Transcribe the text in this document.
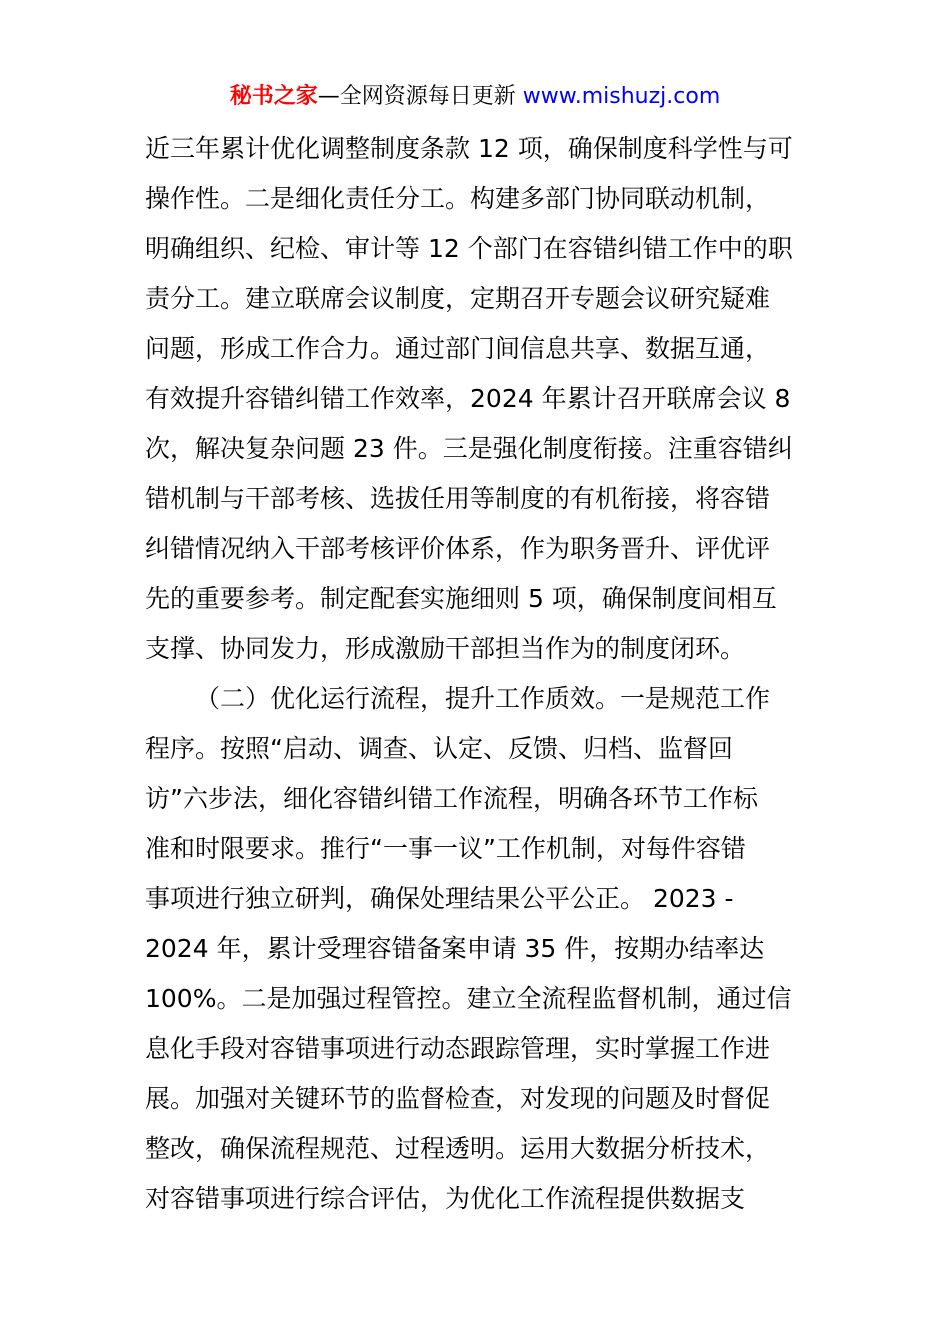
秘书之家—全网资源每日更新 www.mishuzj.com
近三年累计优化调整制度条款 12 项，确保制度科学性与可
操作性。二是细化责任分工。构建多部门协同联动机制，
明确组织、纪检、审计等 12 个部门在容错纠错工作中的职
责分工。建立联席会议制度，定期召开专题会议研究疑难
问题，形成工作合力。通过部门间信息共享、数据互通，
有效提升容错纠错工作效率，2024 年累计召开联席会议 8
次，解决复杂问题 23 件。三是强化制度衔接。注重容错纠
错机制与干部考核、选拔任用等制度的有机衔接，将容错
纠错情况纳入干部考核评价体系，作为职务晋升、评优评
先的重要参考。制定配套实施细则 5 项，确保制度间相互
支撑、协同发力，形成激励干部担当作为的制度闭环。
（二）优化运行流程，提升工作质效。一是规范工作
程序。按照“启动、调查、认定、反馈、归档、监督回
访”六步法，细化容错纠错工作流程，明确各环节工作标
准和时限要求。推行“一事一议”工作机制，对每件容错
事项进行独立研判，确保处理结果公平公正。 2023 -
2024 年，累计受理容错备案申请 35 件，按期办结率达
100%。二是加强过程管控。建立全流程监督机制，通过信
息化手段对容错事项进行动态跟踪管理，实时掌握工作进
展。加强对关键环节的监督检查，对发现的问题及时督促
整改，确保流程规范、过程透明。运用大数据分析技术，
对容错事项进行综合评估，为优化工作流程提供数据支
